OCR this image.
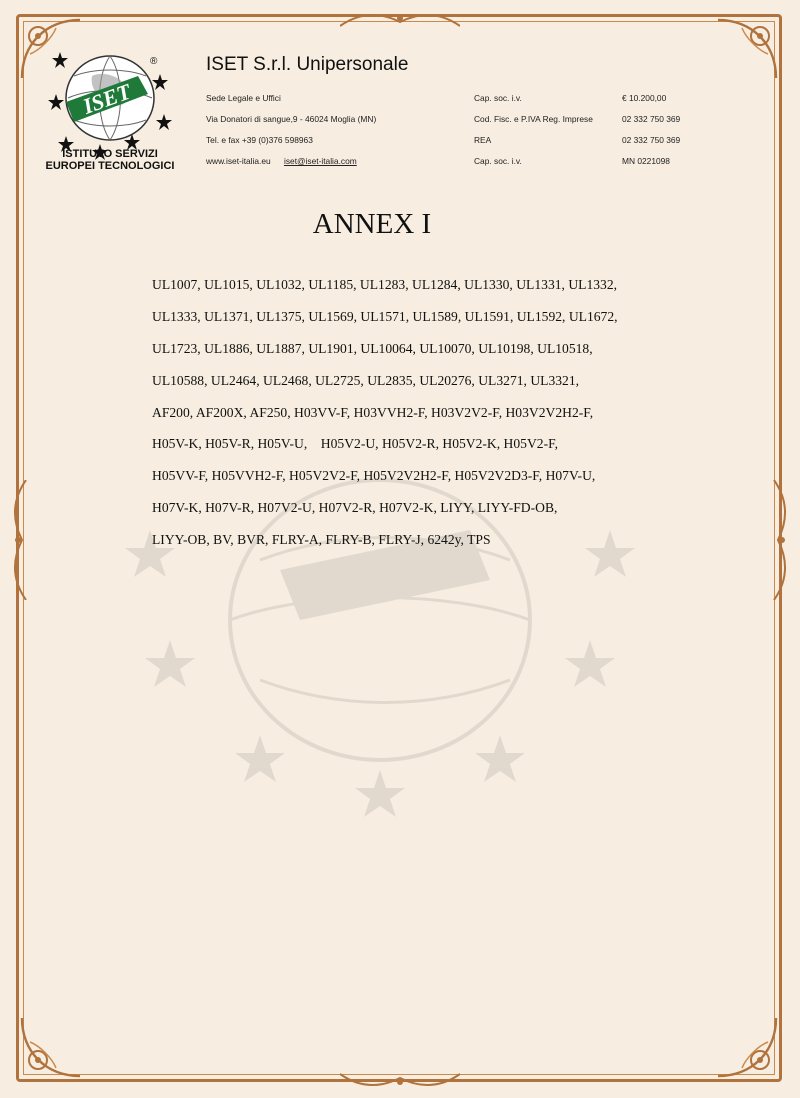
ISET
®
ISTITUTO SERVIZI
EUROPEI TECNOLOGICI
ISET S.r.l. Unipersonale
Sede Legale e Uffici	Cap. soc. i.v.	€ 10.200,00
Via Donatori di sangue,9 - 46024 Moglia (MN)	Cod. Fisc. e P.IVA Reg. Imprese	02 332 750 369
Tel. e fax +39 (0)376 598963	REA	02 332 750 369
www.iset-italia.eu iset@iset-italia.com	Cap. soc. i.v.	MN 0221098
ANNEX I
UL1007, UL1015, UL1032, UL1185, UL1283, UL1284, UL1330, UL1331, UL1332,
UL1333, UL1371, UL1375, UL1569, UL1571, UL1589, UL1591, UL1592, UL1672,
UL1723, UL1886, UL1887, UL1901, UL10064, UL10070, UL10198, UL10518,
UL10588, UL2464, UL2468, UL2725, UL2835, UL20276, UL3271, UL3321,
AF200, AF200X, AF250, H03VV-F, H03VVH2-F, H03V2V2-F, H03V2V2H2-F,
H05V-K, H05V-R, H05V-U,    H05V2-U, H05V2-R, H05V2-K, H05V2-F,
H05VV-F, H05VVH2-F, H05V2V2-F, H05V2V2H2-F, H05V2V2D3-F, H07V-U,
H07V-K, H07V-R, H07V2-U, H07V2-R, H07V2-K, LIYY, LIYY-FD-OB,
LIYY-OB, BV, BVR, FLRY-A, FLRY-B, FLRY-J, 6242y, TPS
